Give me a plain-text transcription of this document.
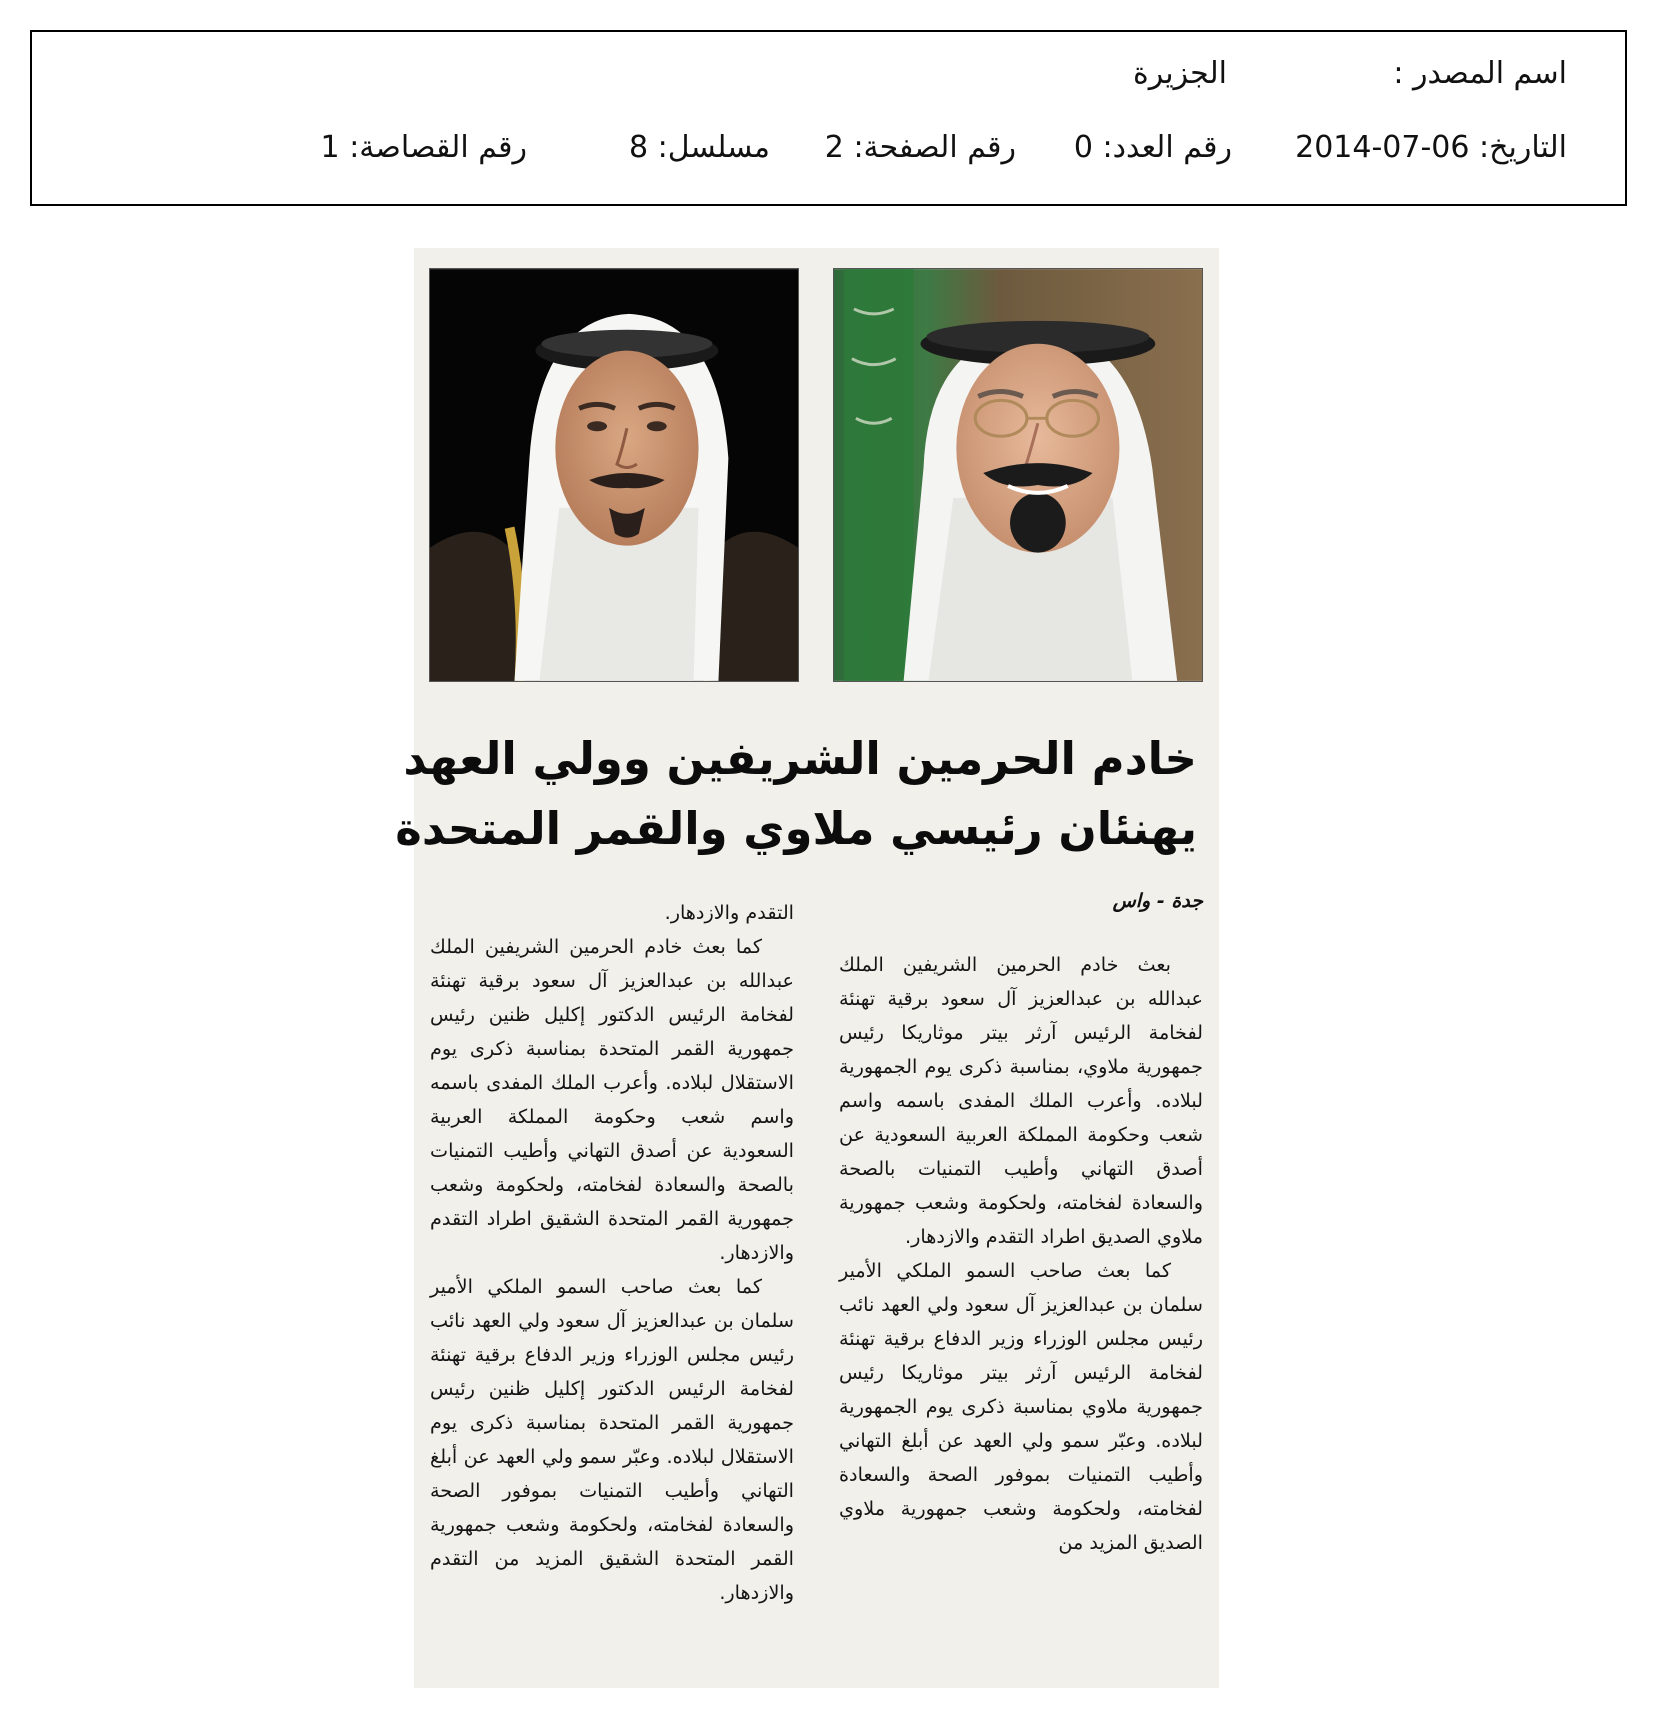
اسم المصدر :
الجزيرة
التاريخ: 2014-07-06
رقم العدد: 0
رقم الصفحة: 2
مسلسل: 8
رقم القصاصة: 1
خادم الحرمين الشريفين وولي العهد
يهنئان رئيسي ملاوي والقمر المتحدة
جدة - واس

بعث خادم الحرمين الشريفين الملك عبدالله بن عبدالعزيز آل سعود برقية تهنئة لفخامة الرئيس آرثر بيتر موثاريكا رئيس جمهورية ملاوي، بمناسبة ذكرى يوم الجمهورية لبلاده. وأعرب الملك المفدى باسمه واسم شعب وحكومة المملكة العربية السعودية عن أصدق التهاني وأطيب التمنيات بالصحة والسعادة لفخامته، ولحكومة وشعب جمهورية ملاوي الصديق اطراد التقدم والازدهار.

كما بعث صاحب السمو الملكي الأمير سلمان بن عبدالعزيز آل سعود ولي العهد نائب رئيس مجلس الوزراء وزير الدفاع برقية تهنئة لفخامة الرئيس آرثر بيتر موثاريكا رئيس جمهورية ملاوي بمناسبة ذكرى يوم الجمهورية لبلاده. وعبّر سمو ولي العهد عن أبلغ التهاني وأطيب التمنيات بموفور الصحة والسعادة لفخامته، ولحكومة وشعب جمهورية ملاوي الصديق المزيد من

التقدم والازدهار.

كما بعث خادم الحرمين الشريفين الملك عبدالله بن عبدالعزيز آل سعود برقية تهنئة لفخامة الرئيس الدكتور إكليل ظنين رئيس جمهورية القمر المتحدة بمناسبة ذكرى يوم الاستقلال لبلاده. وأعرب الملك المفدى باسمه واسم شعب وحكومة المملكة العربية السعودية عن أصدق التهاني وأطيب التمنيات بالصحة والسعادة لفخامته، ولحكومة وشعب جمهورية القمر المتحدة الشقيق اطراد التقدم والازدهار.

كما بعث صاحب السمو الملكي الأمير سلمان بن عبدالعزيز آل سعود ولي العهد نائب رئيس مجلس الوزراء وزير الدفاع برقية تهنئة لفخامة الرئيس الدكتور إكليل ظنين رئيس جمهورية القمر المتحدة بمناسبة ذكرى يوم الاستقلال لبلاده. وعبّر سمو ولي العهد عن أبلغ التهاني وأطيب التمنيات بموفور الصحة والسعادة لفخامته، ولحكومة وشعب جمهورية القمر المتحدة الشقيق المزيد من التقدم والازدهار.
